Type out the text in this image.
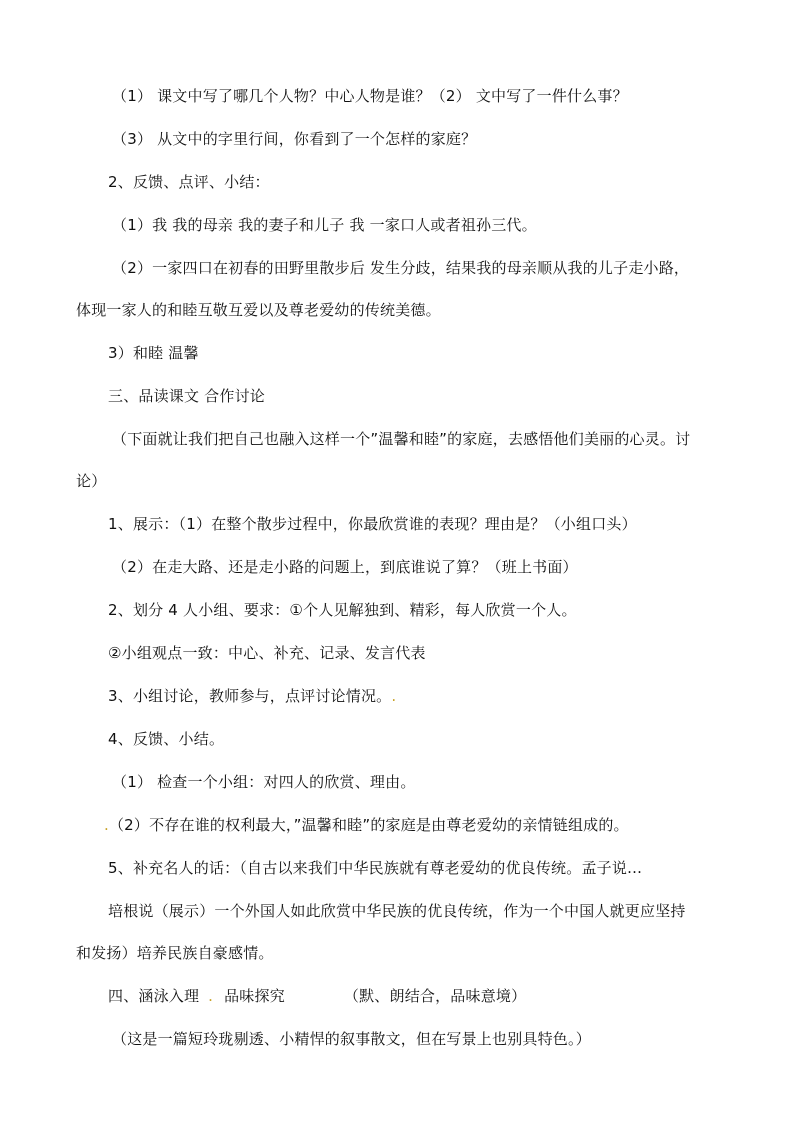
（1） 课文中写了哪几个人物？中心人物是谁？（2） 文中写了一件什么事？
（3） 从文中的字里行间，你看到了一个怎样的家庭？
2、反馈、点评、小结：
（1）我 我的母亲 我的妻子和儿子 我 一家口人或者祖孙三代。
（2）一家四口在初春的田野里散步后 发生分歧，结果我的母亲顺从我的儿子走小路，
体现一家人的和睦互敬互爱以及尊老爱幼的传统美德。
3）和睦 温馨
三、品读课文 合作讨论
（下面就让我们把自己也融入这样一个”温馨和睦”的家庭，去感悟他们美丽的心灵。讨
论）
1、展示：（1）在整个散步过程中，你最欣赏谁的表现？理由是？（小组口头）
（2）在走大路、还是走小路的问题上，到底谁说了算？（班上书面）
2、划分 4 人小组、要求：①个人见解独到、精彩，每人欣赏一个人。
②小组观点一致：中心、补充、记录、发言代表
3、小组讨论，教师参与，点评讨论情况。.
4、反馈、小结。
（1） 检查一个小组：对四人的欣赏、理由。
.（2）不存在谁的权利最大，”温馨和睦”的家庭是由尊老爱幼的亲情链组成的。
5、补充名人的话：（自古以来我们中华民族就有尊老爱幼的优良传统。孟子说…
培根说（展示）一个外国人如此欣赏中华民族的优良传统，作为一个中国人就更应坚持
和发扬）培养民族自豪感情。
四、涵泳入理 . 品味探究	（默、朗结合，品味意境）
（这是一篇短玲珑剔透、小精悍的叙事散文，但在写景上也别具特色。）
